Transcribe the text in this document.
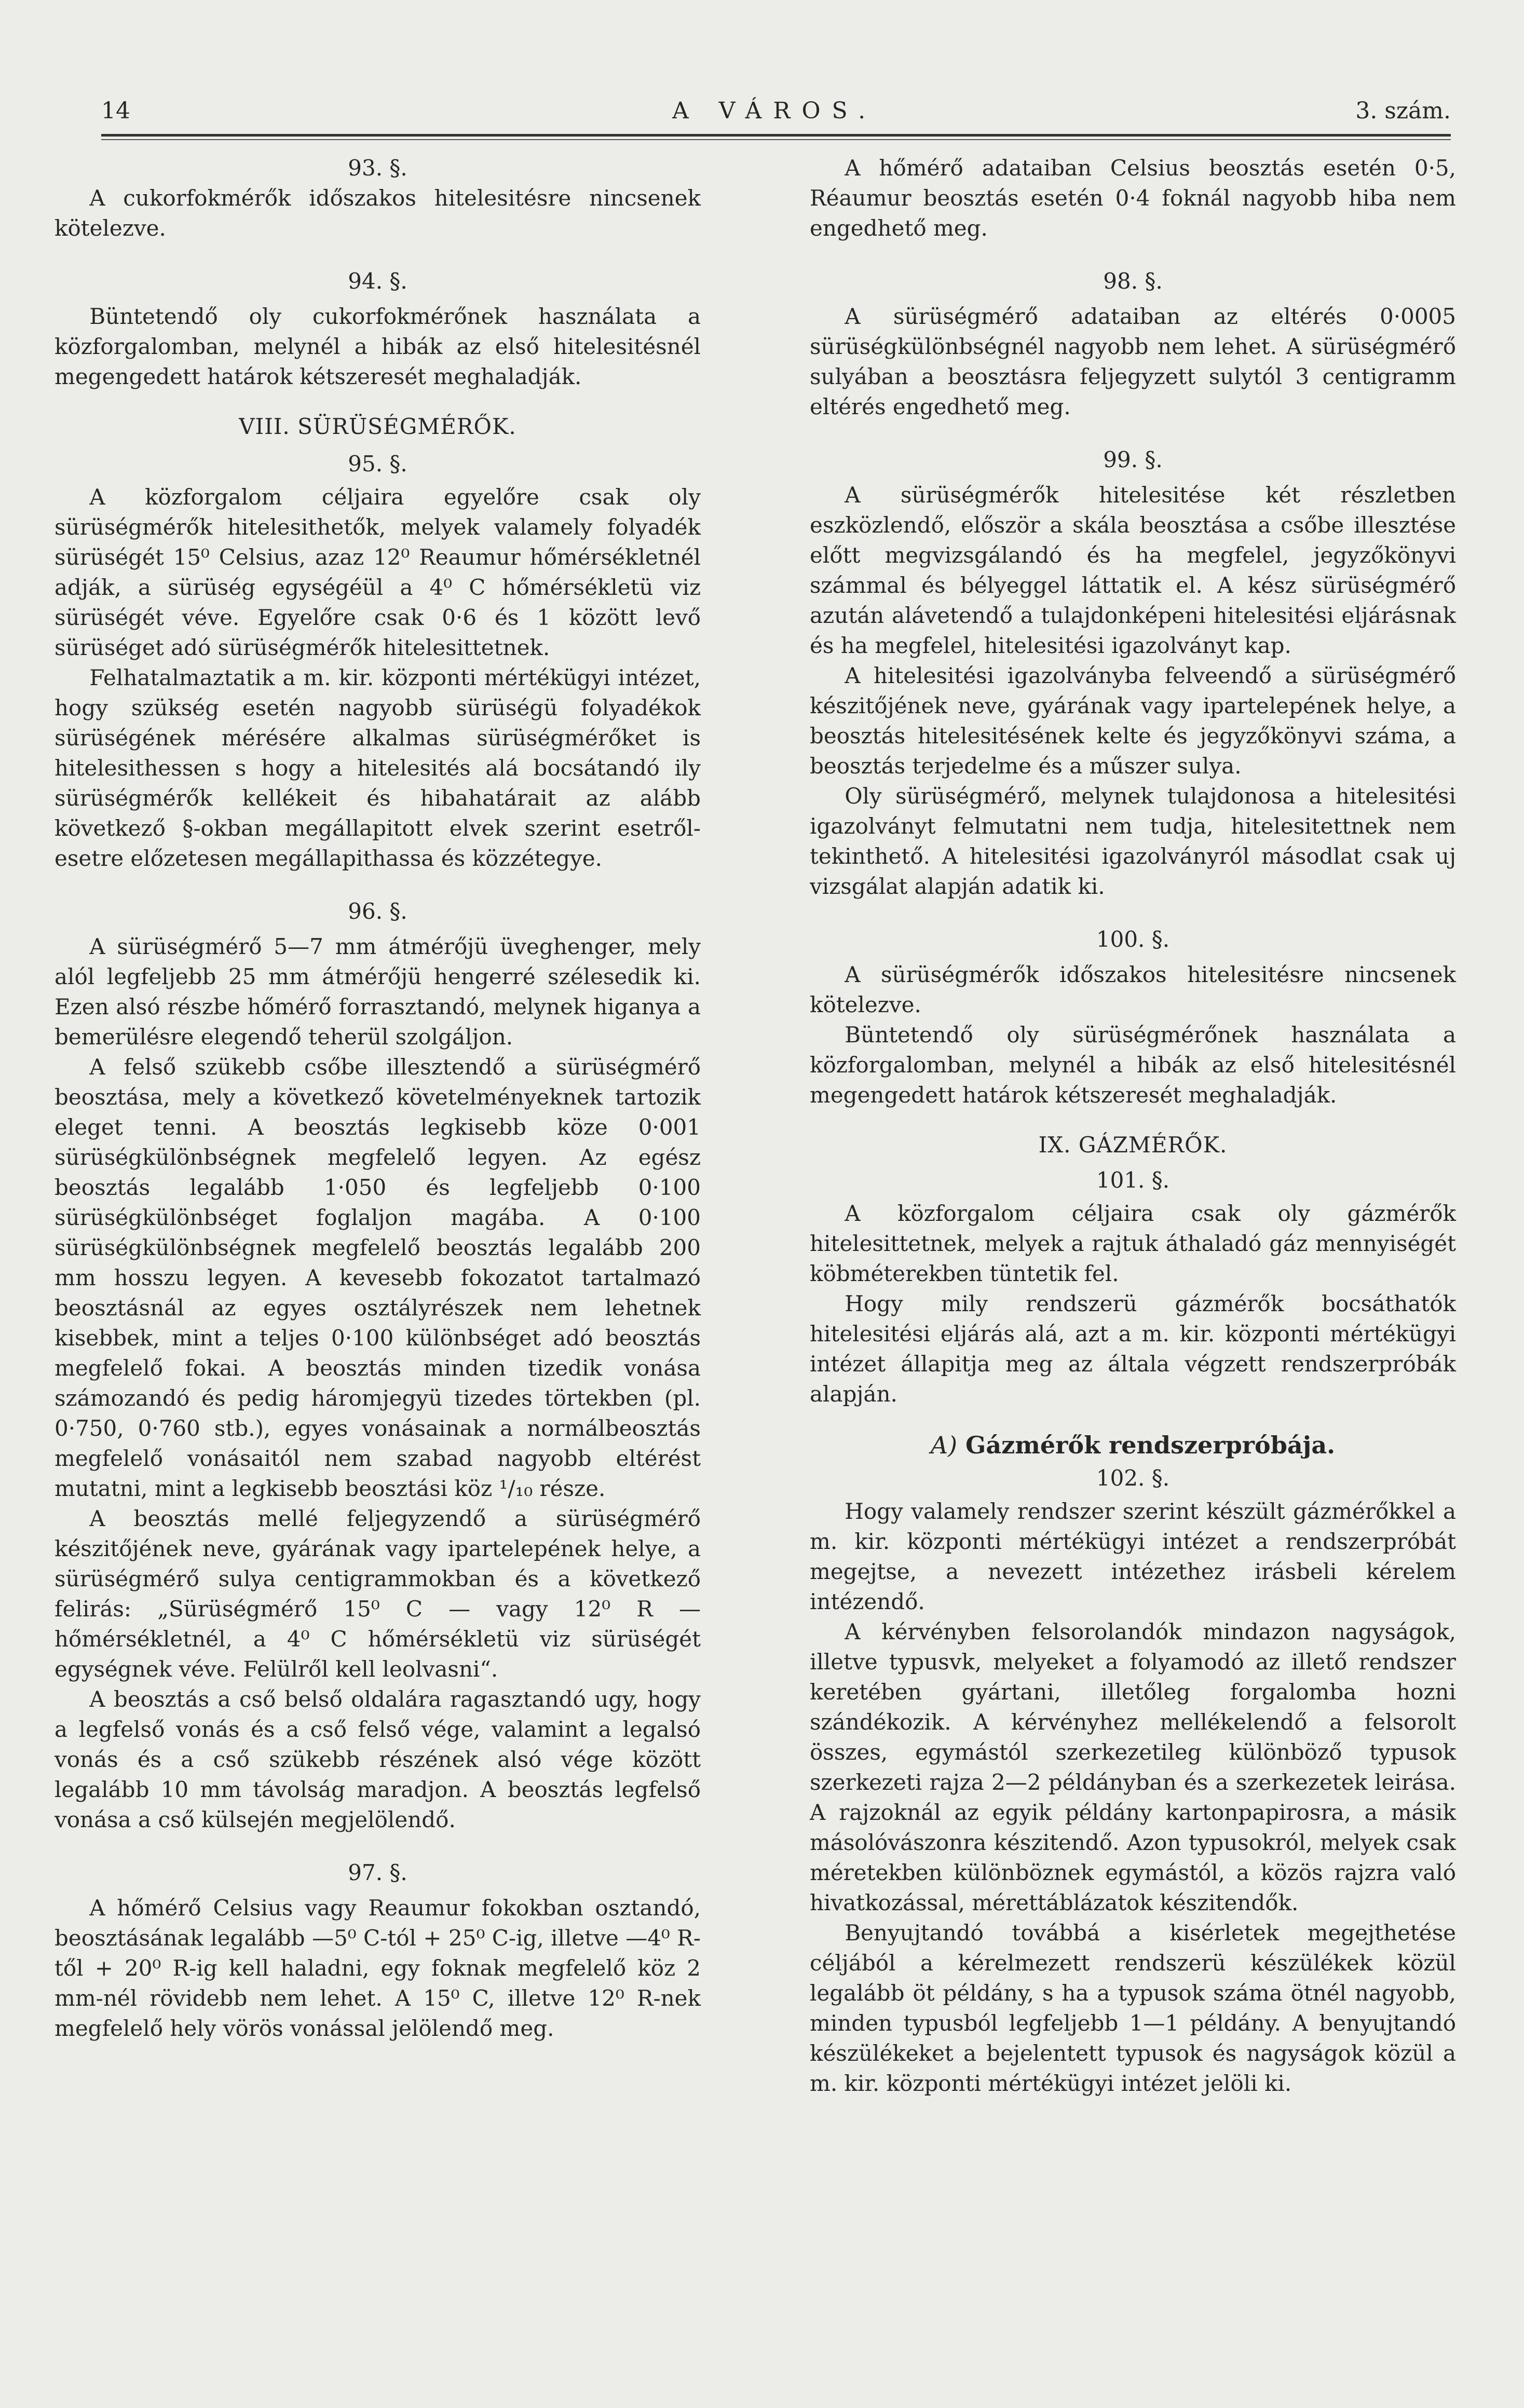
14	A VÁROS.	3. szám.
93. §.

A cukorfokmérők időszakos hitelesitésre nincsenek kötelezve.

94. §.

Büntetendő oly cukorfokmérőnek használata a közforgalomban, melynél a hibák az első hitelesitésnél megengedett határok kétszeresét meghaladják.

VIII. SÜRÜSÉGMÉRŐK.
95. §.

A közforgalom céljaira egyelőre csak oly sürüségmérők hitelesithetők, melyek valamely folyadék sürüségét 15⁰ Celsius, azaz 12⁰ Reaumur hőmérsékletnél adják, a sürüség egységéül a 4⁰ C hőmérsékletü viz sürüségét véve. Egyelőre csak 0·6 és 1 között levő sürüséget adó sürüségmérők hitelesittetnek.

Felhatalmaztatik a m. kir. központi mértékügyi intézet, hogy szükség esetén nagyobb sürüségü folyadékok sürüségének mérésére alkalmas sürüségmérőket is hitelesithessen s hogy a hitelesités alá bocsátandó ily sürüségmérők kellékeit és hibahatárait az alább következő §-okban megállapitott elvek szerint esetről-esetre előzetesen megállapithassa és közzétegye.

96. §.

A sürüségmérő 5—7 mm átmérőjü üveghenger, mely alól legfeljebb 25 mm átmérőjü hengerré szélesedik ki. Ezen alsó részbe hőmérő forrasztandó, melynek higanya a bemerülésre elegendő teherül szolgáljon.

A felső szükebb csőbe illesztendő a sürüségmérő beosztása, mely a következő követelményeknek tartozik eleget tenni. A beosztás legkisebb köze 0·001 sürüségkülönbségnek megfelelő legyen. Az egész beosztás legalább 1·050 és legfeljebb 0·100 sürüségkülönbséget foglaljon magába. A 0·100 sürüségkülönbségnek megfelelő beosztás legalább 200 mm hosszu legyen. A kevesebb fokozatot tartalmazó beosztásnál az egyes osztályrészek nem lehetnek kisebbek, mint a teljes 0·100 különbséget adó beosztás megfelelő fokai. A beosztás minden tizedik vonása számozandó és pedig háromjegyü tizedes törtekben (pl. 0·750, 0·760 stb.), egyes vonásainak a normálbeosztás megfelelő vonásaitól nem szabad nagyobb eltérést mutatni, mint a legkisebb beosztási köz ¹/₁₀ része.

A beosztás mellé feljegyzendő a sürüségmérő készitőjének neve, gyárának vagy ipartelepének helye, a sürüségmérő sulya centigrammokban és a következő felirás: „Sürüségmérő 15⁰ C — vagy 12⁰ R — hőmérsékletnél, a 4⁰ C hőmérsékletü viz sürüségét egységnek véve. Felülről kell leolvasni“.

A beosztás a cső belső oldalára ragasztandó ugy, hogy a legfelső vonás és a cső felső vége, valamint a legalsó vonás és a cső szükebb részének alsó vége között legalább 10 mm távolság maradjon. A beosztás legfelső vonása a cső külsején megjelölendő.

97. §.

A hőmérő Celsius vagy Reaumur fokokban osztandó, beosztásának legalább —5⁰ C-tól + 25⁰ C-ig, illetve —4⁰ R-től + 20⁰ R-ig kell haladni, egy foknak megfelelő köz 2 mm-nél rövidebb nem lehet. A 15⁰ C, illetve 12⁰ R-nek megfelelő hely vörös vonással jelölendő meg.

A hőmérő adataiban Celsius beosztás esetén 0·5, Réaumur beosztás esetén 0·4 foknál nagyobb hiba nem engedhető meg.

98. §.

A sürüségmérő adataiban az eltérés 0·0005 sürüségkülönbségnél nagyobb nem lehet. A sürüségmérő sulyában a beosztásra feljegyzett sulytól 3 centigramm eltérés engedhető meg.

99. §.

A sürüségmérők hitelesitése két részletben eszközlendő, először a skála beosztása a csőbe illesztése előtt megvizsgálandó és ha megfelel, jegyzőkönyvi számmal és bélyeggel láttatik el. A kész sürüségmérő azután alávetendő a tulajdonképeni hitelesitési eljárásnak és ha megfelel, hitelesitési igazolványt kap.

A hitelesitési igazolványba felveendő a sürüségmérő készitőjének neve, gyárának vagy ipartelepének helye, a beosztás hitelesitésének kelte és jegyzőkönyvi száma, a beosztás terjedelme és a műszer sulya.

Oly sürüségmérő, melynek tulajdonosa a hitelesitési igazolványt felmutatni nem tudja, hitelesitettnek nem tekinthető. A hitelesitési igazolványról másodlat csak uj vizsgálat alapján adatik ki.

100. §.

A sürüségmérők időszakos hitelesitésre nincsenek kötelezve.

Büntetendő oly sürüségmérőnek használata a közforgalomban, melynél a hibák az első hitelesitésnél megengedett határok kétszeresét meghaladják.

IX. GÁZMÉRŐK.
101. §.

A közforgalom céljaira csak oly gázmérők hitelesittetnek, melyek a rajtuk áthaladó gáz mennyiségét köbméterekben tüntetik fel.

Hogy mily rendszerü gázmérők bocsáthatók hitelesitési eljárás alá, azt a m. kir. központi mértékügyi intézet állapitja meg az általa végzett rendszerpróbák alapján.

A) Gázmérők rendszerpróbája.
102. §.

Hogy valamely rendszer szerint készült gázmérőkkel a m. kir. központi mértékügyi intézet a rendszerpróbát megejtse, a nevezett intézethez irásbeli kérelem intézendő.

A kérvényben felsorolandók mindazon nagyságok, illetve typusvk, melyeket a folyamodó az illető rendszer keretében gyártani, illetőleg forgalomba hozni szándékozik. A kérvényhez mellékelendő a felsorolt összes, egymástól szerkezetileg különböző typusok szerkezeti rajza 2—2 példányban és a szerkezetek leirása. A rajzoknál az egyik példány kartonpapirosra, a másik másolóvászonra készitendő. Azon typusokról, melyek csak méretekben különböznek egymástól, a közös rajzra való hivatkozással, mérettáblázatok készitendők.

Benyujtandó továbbá a kisérletek megejthetése céljából a kérelmezett rendszerü készülékek közül legalább öt példány, s ha a typusok száma ötnél nagyobb, minden typusból legfeljebb 1—1 példány. A benyujtandó készülékeket a bejelentett typusok és nagyságok közül a m. kir. központi mértékügyi intézet jelöli ki.
